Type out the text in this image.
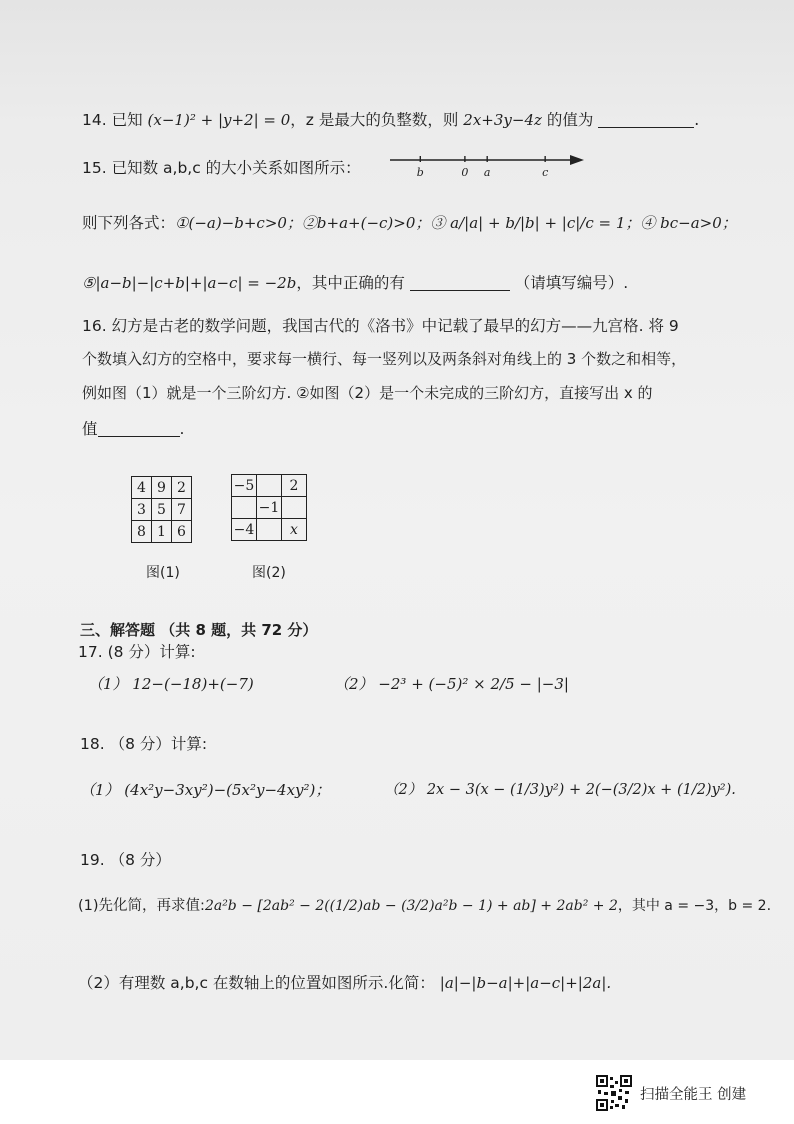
14. 已知 (x−1)² + |y+2| = 0，z 是最大的负整数，则 2x+3y−4z 的值为	.
15. 已知数 a,b,c 的大小关系如图所示：	b	0 a	c
则下列各式：①(−a)−b+c>0；②b+a+(−c)>0；③ a/|a| + b/|b| + |c|/c = 1；④ bc−a>0；
⑤|a−b|−|c+b|+|a−c| = −2b，其中正确的有	（请填写编号）.
16. 幻方是古老的数学问题，我国古代的《洛书》中记载了最早的幻方——九宫格. 将 9
个数填入幻方的空格中，要求每一横行、每一竖列以及两条斜对角线上的 3 个数之和相等，
例如图（1）就是一个三阶幻方. ②如图（2）是一个未完成的三阶幻方，直接写出 x 的
值	.
4	9	2
3	5	7
8	1	6
−5		2
	−1	
−4		x
图(1)	图(2)
三、解答题 （共 8 题，共 72 分）
17. (8 分）计算:
（1） 12−(−18)+(−7)	（2） −2³ + (−5)² × 2/5 − |−3|
18. （8 分）计算:
（1） (4x²y−3xy²)−(5x²y−4xy²)；	（2） 2x − 3(x − (1/3)y²) + 2(−(3/2)x + (1/2)y²).
19. （8 分）
(1)先化简，再求值:2a²b − [2ab² − 2((1/2)ab − (3/2)a²b − 1) + ab] + 2ab² + 2，其中 a = −3，b = 2.
（2）有理数 a,b,c 在数轴上的位置如图所示.化简： |a|−|b−a|+|a−c|+|2a|.
扫描全能王 创建
